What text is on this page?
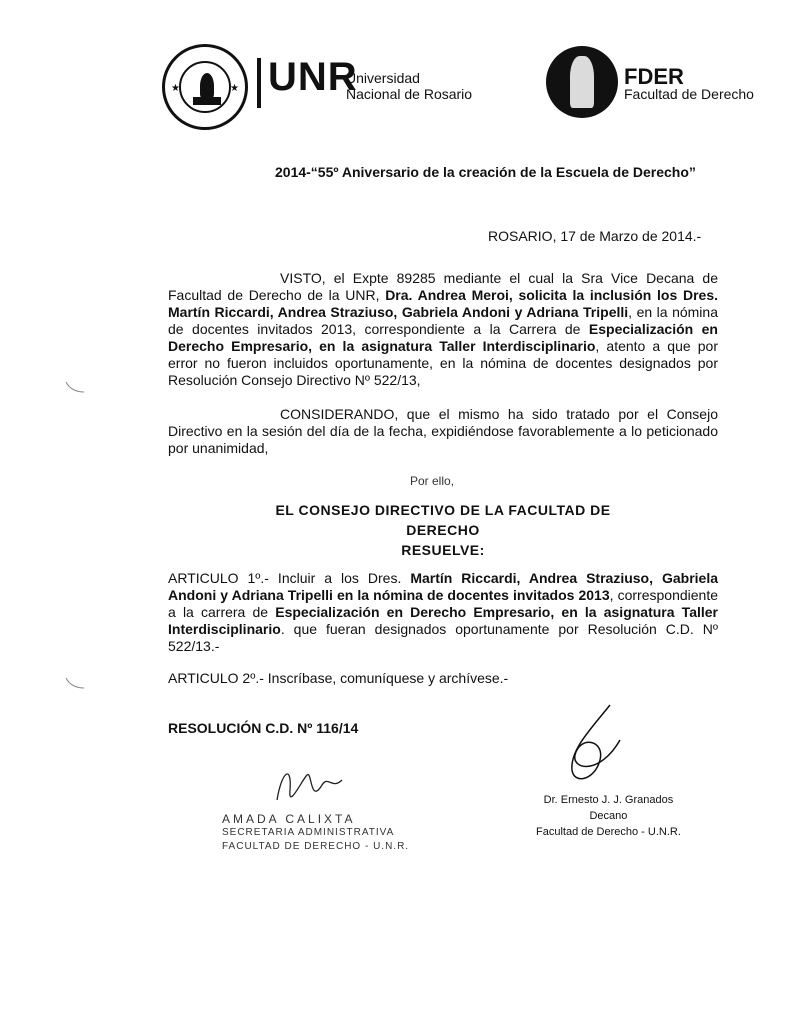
★	★ UNR
Universidad
Nacional de Rosario
FDER
Facultad de Derecho
2014-“55º Aniversario de la creación de la Escuela de Derecho”
ROSARIO, 17 de Marzo de 2014.-
VISTO, el Expte 89285 mediante el cual la Sra Vice Decana de Facultad de Derecho de la UNR, Dra. Andrea Meroi, solicita la inclusión los Dres. Martín Riccardi, Andrea Straziuso, Gabriela Andoni y Adriana Tripelli, en la nómina de docentes invitados 2013, correspondiente a la Carrera de Especialización en Derecho Empresario, en la asignatura Taller Interdisciplinario, atento a que por error no fueron incluidos oportunamente, en la nómina de docentes designados por Resolución Consejo Directivo Nº 522/13,
CONSIDERANDO, que el mismo ha sido tratado por el Consejo Directivo en la sesión del día de la fecha, expidiéndose favorablemente a lo peticionado por unanimidad,
Por ello,
EL CONSEJO DIRECTIVO DE LA FACULTAD DE DERECHO
RESUELVE:
ARTICULO 1º.- Incluir a los Dres. Martín Riccardi, Andrea Straziuso, Gabriela Andoni y Adriana Tripelli en la nómina de docentes invitados 2013, correspondiente a la carrera de Especialización en Derecho Empresario, en la asignatura Taller Interdisciplinario. que fueran designados oportunamente por Resolución C.D. Nº 522/13.-
ARTICULO 2º.- Inscríbase, comuníquese y archívese.-
RESOLUCIÓN C.D. Nº 116/14
Dr. Ernesto J. J. Granados
Decano
Facultad de Derecho - U.N.R.
AMADA CALIXTA
SECRETARIA ADMINISTRATIVA
FACULTAD DE DERECHO - U.N.R.
